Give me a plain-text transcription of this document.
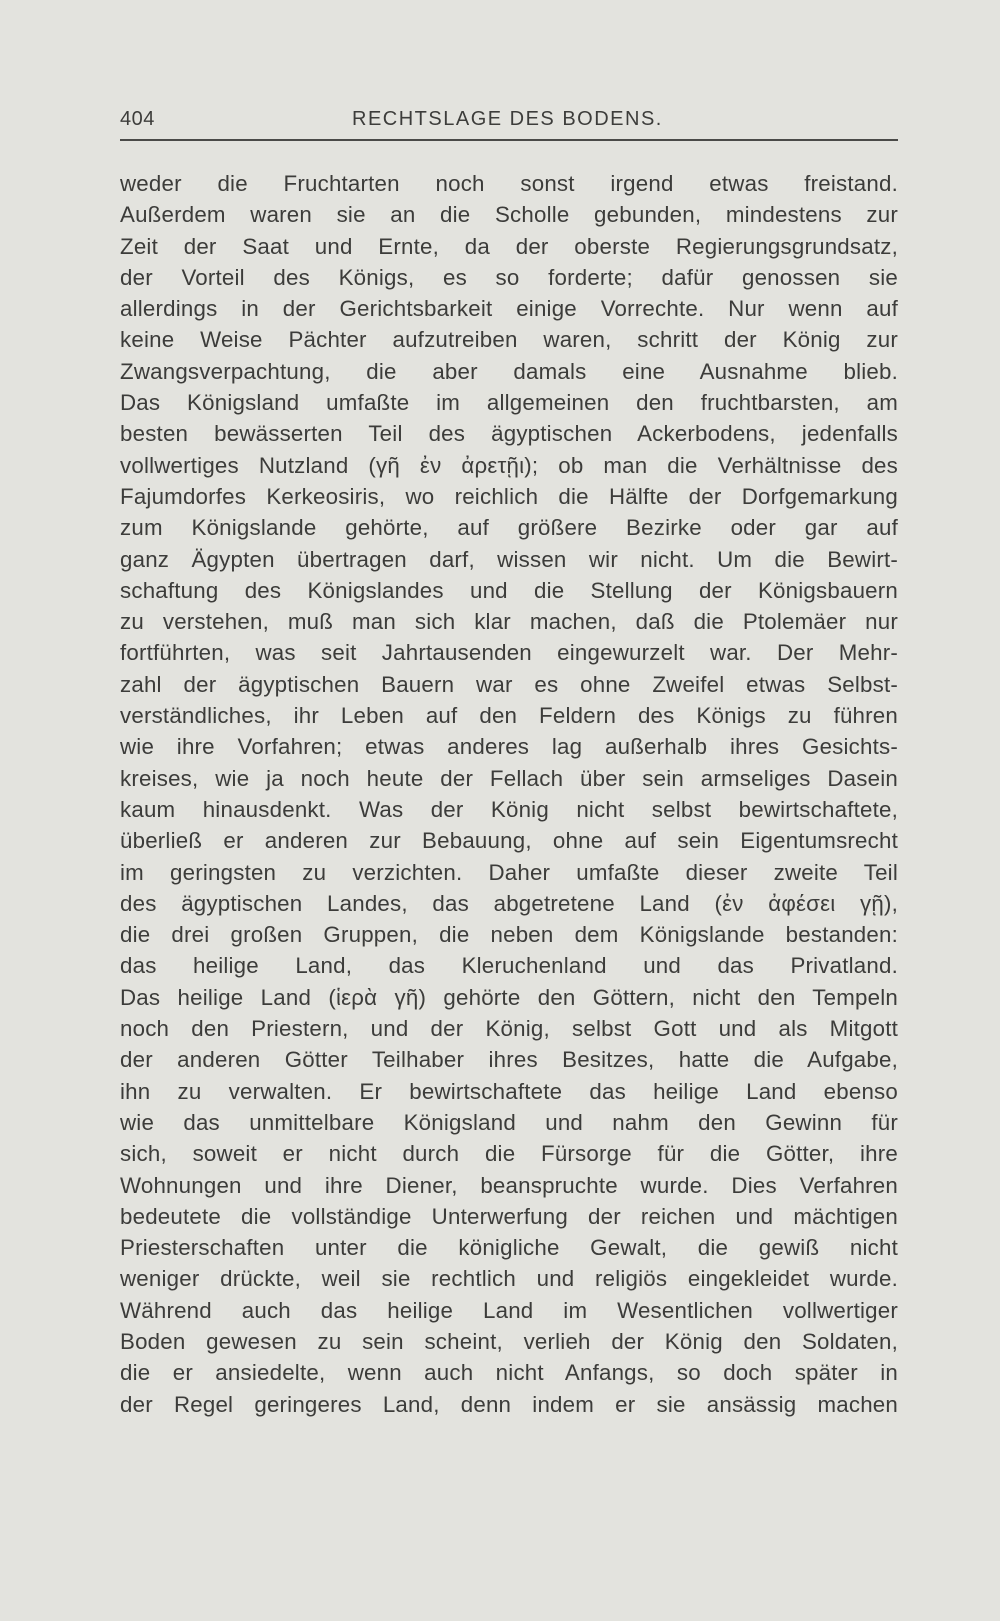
404	RECHTSLAGE DES BODENS.
weder die Fruchtarten noch sonst irgend etwas freistand.
Außerdem waren sie an die Scholle gebunden, mindestens zur
Zeit der Saat und Ernte, da der oberste Regierungsgrundsatz,
der Vorteil des Königs, es so forderte; dafür genossen sie
allerdings in der Gerichtsbarkeit einige Vorrechte. Nur wenn auf
keine Weise Pächter aufzutreiben waren, schritt der König zur
Zwangsverpachtung, die aber damals eine Ausnahme blieb.
Das Königsland umfaßte im allgemeinen den fruchtbarsten, am
besten bewässerten Teil des ägyptischen Ackerbodens, jedenfalls
vollwertiges Nutzland (γῆ ἐν ἀρετῇι); ob man die Verhältnisse des
Fajumdorfes Kerkeosiris, wo reichlich die Hälfte der Dorfgemarkung
zum Königslande gehörte, auf größere Bezirke oder gar auf
ganz Ägypten übertragen darf, wissen wir nicht. Um die Bewirt-
schaftung des Königslandes und die Stellung der Königsbauern
zu verstehen, muß man sich klar machen, daß die Ptolemäer nur
fortführten, was seit Jahrtausenden eingewurzelt war. Der Mehr-
zahl der ägyptischen Bauern war es ohne Zweifel etwas Selbst-
verständliches, ihr Leben auf den Feldern des Königs zu führen
wie ihre Vorfahren; etwas anderes lag außerhalb ihres Gesichts-
kreises, wie ja noch heute der Fellach über sein armseliges Dasein
kaum hinausdenkt. Was der König nicht selbst bewirtschaftete,
überließ er anderen zur Bebauung, ohne auf sein Eigentumsrecht
im geringsten zu verzichten. Daher umfaßte dieser zweite Teil
des ägyptischen Landes, das abgetretene Land (ἐν ἀφέσει γῇ),
die drei großen Gruppen, die neben dem Königslande bestanden:
das heilige Land, das Kleruchenland und das Privatland.
Das heilige Land (ἱερὰ γῆ) gehörte den Göttern, nicht den Tempeln
noch den Priestern, und der König, selbst Gott und als Mitgott
der anderen Götter Teilhaber ihres Besitzes, hatte die Aufgabe,
ihn zu verwalten. Er bewirtschaftete das heilige Land ebenso
wie das unmittelbare Königsland und nahm den Gewinn für
sich, soweit er nicht durch die Fürsorge für die Götter, ihre
Wohnungen und ihre Diener, beanspruchte wurde. Dies Verfahren
bedeutete die vollständige Unterwerfung der reichen und mächtigen
Priesterschaften unter die königliche Gewalt, die gewiß nicht
weniger drückte, weil sie rechtlich und religiös eingekleidet wurde.
Während auch das heilige Land im Wesentlichen vollwertiger
Boden gewesen zu sein scheint, verlieh der König den Soldaten,
die er ansiedelte, wenn auch nicht Anfangs, so doch später in
der Regel geringeres Land, denn indem er sie ansässig machen
